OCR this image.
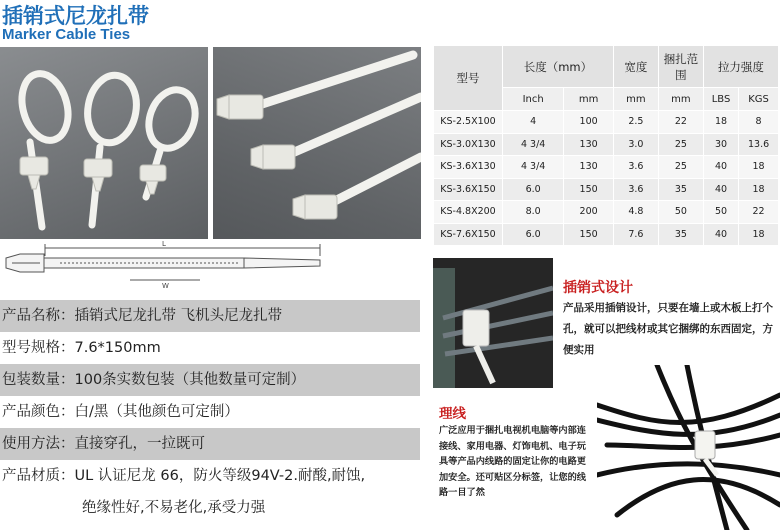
插销式尼龙扎带
Marker Cable Ties
L
W
产品名称：插销式尼龙扎带 飞机头尼龙扎带
型号规格：7.6*150mm
包装数量：100条实数包装（其他数量可定制）
产品颜色：白/黑（其他颜色可定制）
使用方法：直接穿孔，一拉既可
产品材质：UL 认证尼龙 66，防火等级94V-2.耐酸,耐蚀,
绝缘性好,不易老化,承受力强
型号	长度（mm）		宽度	捆扎范围	拉力强度	
	Inch	mm	mm	mm	LBS	KGS
KS-2.5X100	4	100	2.5	22	18	8
KS-3.0X130	4 3/4	130	3.0	25	30	13.6
KS-3.6X130	4 3/4	130	3.6	25	40	18
KS-3.6X150	6.0	150	3.6	35	40	18
KS-4.8X200	8.0	200	4.8	50	50	22
KS-7.6X150	6.0	150	7.6	35	40	18
插销式设计
产品采用插销设计，只要在墙上或木板上打个孔，就可以把线材或其它捆绑的东西固定，方便实用
理线
广泛应用于捆扎电视机电脑等内部连接线、家用电器、灯饰电机、电子玩具等产品内线路的固定让你的电路更加安全。还可贴区分标签，让您的线路一目了然
